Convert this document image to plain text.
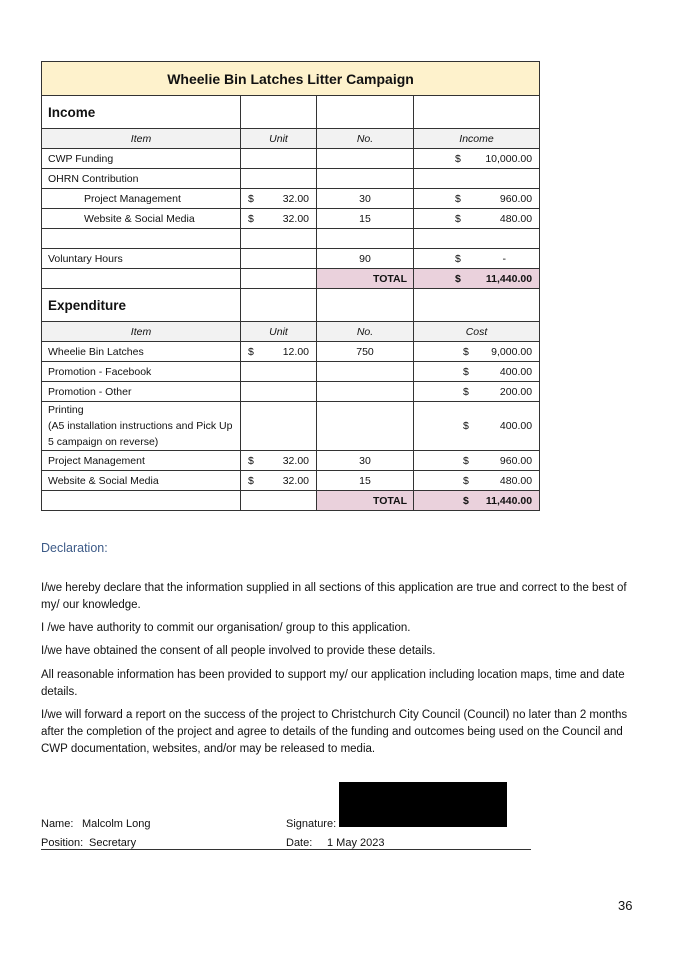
Wheelie Bin Latches Litter Campaign			
Income			
Item	Unit	No.	Income
CWP Funding			$ 10,000.00

OHRN Contribution	

Project Management	$ 32.00	30	$ 960.00

Website & Social Media	$ 32.00	15	$ 480.00

Voluntary Hours		90	$ -

		TOTAL	$ 11,440.00

Expenditure			
Item	Unit	No.	Cost
Wheelie Bin Latches	$ 12.00	750	$ 9,000.00

Promotion - Facebook			$ 400.00

Promotion - Other			$ 200.00

Printing
(A5 installation instructions and Pick Up 5 campaign on reverse)			$ 400.00

Project Management	$ 32.00	30	$ 960.00

Website & Social Media	$ 32.00	15	$ 480.00

		TOTAL	$ 11,440.00
Declaration:

I/we hereby declare that the information supplied in all sections of this application are true and correct to the best of my/ our knowledge.

I /we have authority to commit our organisation/ group to this application.

I/we have obtained the consent of all people involved to provide these details.

All reasonable information has been provided to support my/ our application including location maps, time and date details.

I/we will forward a report on the success of the project to Christchurch City Council (Council) no later than 2 months after the completion of the project and agree to details of the funding and outcomes being used on the Council and CWP documentation, websites, and/or may be released to media.

Name: Malcolm Long	Signature:
Position: Secretary	Date: 1 May 2023
36
